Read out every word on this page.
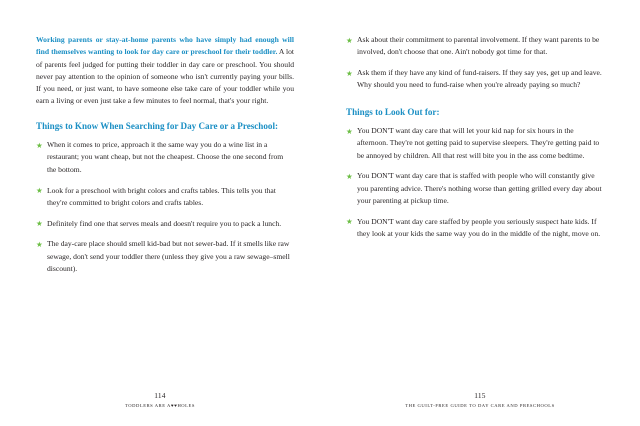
Working parents or stay-at-home parents who have simply had enough will find themselves wanting to look for day care or preschool for their toddler. A lot of parents feel judged for putting their toddler in day care or preschool. You should never pay attention to the opinion of someone who isn't currently paying your bills. If you need, or just want, to have someone else take care of your toddler while you earn a living or even just take a few minutes to feel normal, that's your right.

Things to Know When Searching for Day Care or a Preschool:
★ When it comes to price, approach it the same way you do a wine list in a restaurant; you want cheap, but not the cheapest. Choose the one second from the bottom.
★ Look for a preschool with bright colors and crafts tables. This tells you that they're committed to bright colors and crafts tables.
★ Definitely find one that serves meals and doesn't require you to pack a lunch.
★ The day-care place should smell kid-bad but not sewer-bad. If it smells like raw sewage, don't send your toddler there (unless they give you a raw sewage–smell discount).
114
TODDLERS ARE A♥♥HOLES
★ Ask about their commitment to parental involvement. If they want parents to be involved, don't choose that one. Ain't nobody got time for that.
★ Ask them if they have any kind of fund-raisers. If they say yes, get up and leave. Why should you need to fund-raise when you're already paying so much?
Things to Look Out for:
★ You DON'T want day care that will let your kid nap for six hours in the afternoon. They're not getting paid to supervise sleepers. They're getting paid to be annoyed by children. All that rest will bite you in the ass come bedtime.
★ You DON'T want day care that is staffed with people who will constantly give you parenting advice. There's nothing worse than getting grilled every day about your parenting at pickup time.
★ You DON'T want day care staffed by people you seriously suspect hate kids. If they look at your kids the same way you do in the middle of the night, move on.
115
THE GUILT-FREE GUIDE TO DAY CARE AND PRESCHOOLS
